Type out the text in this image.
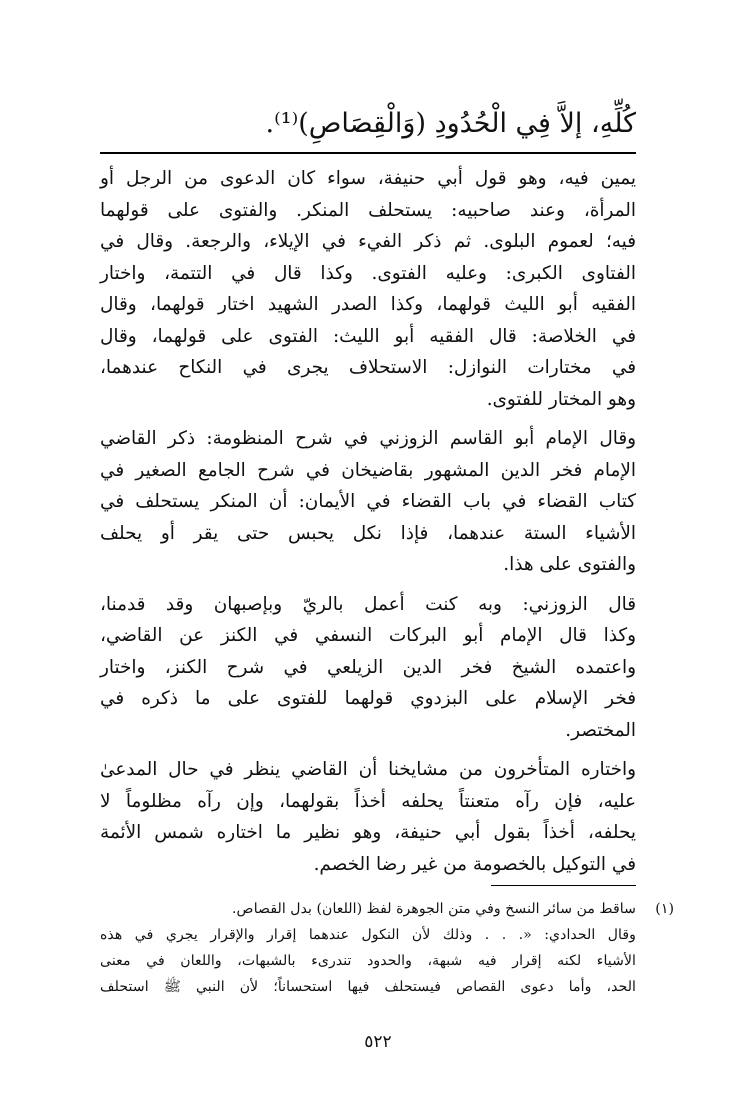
كُلِّهِ، إلاَّ فِي الْحُدُودِ (وَالْقِصَاصِ)⁽¹⁾.
يمين فيه، وهو قول أبي حنيفة، سواء كان الدعوى من الرجل أو
المرأة، وعند صاحبيه: يستحلف المنكر. والفتوى على قولهما
فيه؛ لعموم البلوى. ثم ذكر الفيء في الإيلاء، والرجعة. وقال في
الفتاوى الكبرى: وعليه الفتوى. وكذا قال في التتمة، واختار
الفقيه أبو الليث قولهما، وكذا الصدر الشهيد اختار قولهما، وقال
في الخلاصة: قال الفقيه أبو الليث: الفتوى على قولهما، وقال
في مختارات النوازل: الاستحلاف يجرى في النكاح عندهما،
وهو المختار للفتوى.
وقال الإمام أبو القاسم الزوزني في شرح المنظومة: ذكر القاضي
الإمام فخر الدين المشهور بقاضيخان في شرح الجامع الصغير في
كتاب القضاء في باب القضاء في الأيمان: أن المنكر يستحلف في
الأشياء الستة عندهما، فإذا نكل يحبس حتى يقر أو يحلف
والفتوى على هذا.
قال الزوزني: وبه كنت أعمل بالريّ وبإصبهان وقد قدمنا،
وكذا قال الإمام أبو البركات النسفي في الكنز عن القاضي،
واعتمده الشيخ فخر الدين الزيلعي في شرح الكنز، واختار
فخر الإسلام على البزدوي قولهما للفتوى على ما ذكره في
المختصر.
واختاره المتأخرون من مشايخنا أن القاضي ينظر في حال المدعىٰ
عليه، فإن رآه متعنتاً يحلفه أخذاً بقولهما، وإن رآه مظلوماً لا
يحلفه، أخذاً بقول أبي حنيفة، وهو نظير ما اختاره شمس الأئمة
في التوكيل بالخصومة من غير رضا الخصم.
(١)
ساقط من سائر النسخ وفي متن الجوهرة لفظ (اللعان) بدل القصاص.
وقال الحدادي: «. . . وذلك لأن النكول عندهما إقرار والإقرار يجري في هذه
الأشياء لكنه إقرار فيه شبهة، والحدود تندرىء بالشبهات، واللعان في معنى
الحد، وأما دعوى القصاص فيستحلف فيها استحساناً؛ لأن النبي ﷺ استحلف
٥٢٢
